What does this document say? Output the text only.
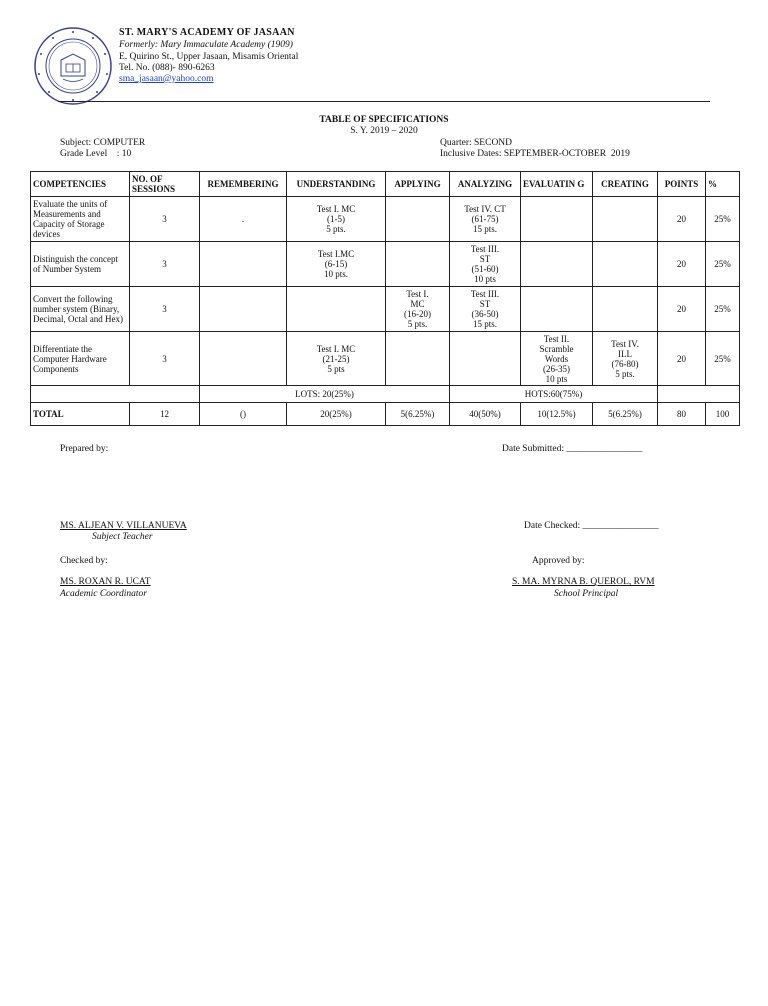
ST. MARY'S ACADEMY OF JASAAN
Formerly: Mary Immaculate Academy (1909)
E. Quirino St., Upper Jasaan, Misamis Oriental
Tel. No. (088)- 890-6263
sma_jasaan@yahoo.com
TABLE OF SPECIFICATIONS
S. Y. 2019 – 2020
Subject: COMPUTER
Grade Level    : 10
Quarter: SECOND
Inclusive Dates: SEPTEMBER-OCTOBER  2019
COMPETENCIES	NO. OF SESSIONS	REMEMBERING	UNDERSTANDING	APPLYING	ANALYZING	EVALUATIN G	CREATING	POINTS	%
Evaluate the units of Measurements and Capacity of Storage devices	3	.	Test I. MC
(1-5)
5 pts.		Test IV. CT
(61-75)
15 pts.			20	25%
Distinguish the concept of Number System	3		Test I.MC
(6-15)
10 pts.		Test III.
ST
(51-60)
10 pts			20	25%
Convert the following number system (Binary, Decimal, Octal and Hex)	3			Test I.
MC
(16-20)
5 pts.	Test III.
ST
(36-50)
15 pts.			20	25%
Differentiate the Computer Hardware Components	3		Test I. MC
(21-25)
5 pts			Test II.
Scramble
Words
(26-35)
10 pts	Test IV.
ILL
(76-80)
5 pts.	20	25%
		LOTS: 20(25%)			HOTS:60(75%)				
TOTAL	12	()	20(25%)	5(6.25%)	40(50%)	10(12.5%)	5(6.25%)	80	100
Prepared by:	Date Submitted: ________________
MS. ALJEAN V. VILLANUEVA
Subject Teacher
Date Checked: ________________
Checked by:	Approved by:
MS. ROXAN R. UCAT
Academic Coordinator
S. MA. MYRNA B. QUEROL, RVM
School Principal
